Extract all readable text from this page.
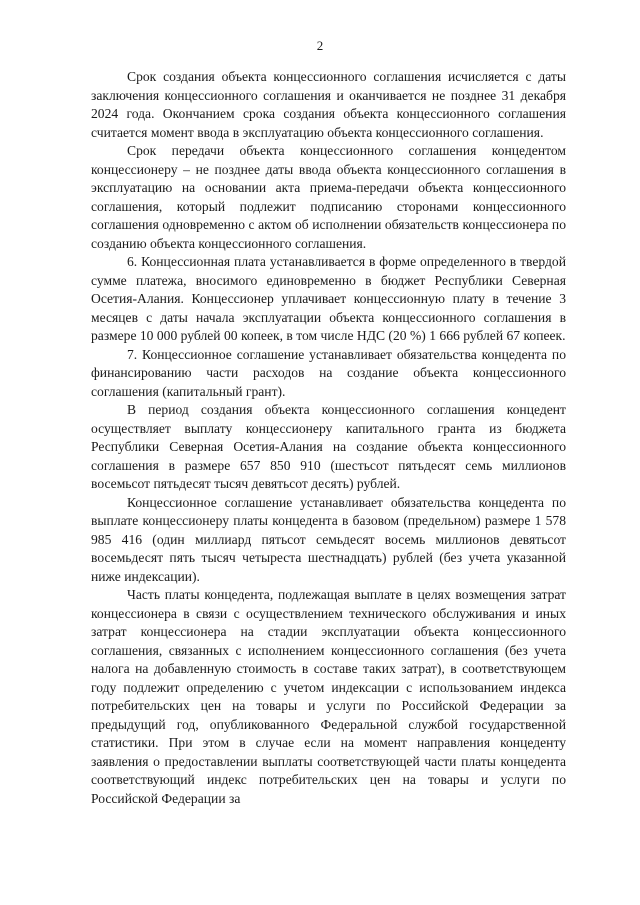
2

Срок создания объекта концессионного соглашения исчисляется с даты заключения концессионного соглашения и оканчивается не позднее 31 декабря 2024 года. Окончанием срока создания объекта концессионного соглашения считается момент ввода в эксплуатацию объекта концессионного соглашения.

Срок передачи объекта концессионного соглашения концедентом концессионеру – не позднее даты ввода объекта концессионного соглашения в эксплуатацию на основании акта приема-передачи объекта концессионного соглашения, который подлежит подписанию сторонами концессионного соглашения одновременно с актом об исполнении обязательств концессионера по созданию объекта концессионного соглашения.

6. Концессионная плата устанавливается в форме определенного в твердой сумме платежа, вносимого единовременно в бюджет Республики Северная Осетия-Алания. Концессионер уплачивает концессионную плату в течение 3 месяцев с даты начала эксплуатации объекта концессионного соглашения в размере 10 000 рублей 00 копеек, в том числе НДС (20 %) 1 666 рублей 67 копеек.

7. Концессионное соглашение устанавливает обязательства концедента по финансированию части расходов на создание объекта концессионного соглашения (капитальный грант).

В период создания объекта концессионного соглашения концедент осуществляет выплату концессионеру капитального гранта из бюджета Республики Северная Осетия-Алания на создание объекта концессионного соглашения в размере 657 850 910 (шестьсот пятьдесят семь миллионов восемьсот пятьдесят тысяч девятьсот десять) рублей.

Концессионное соглашение устанавливает обязательства концедента по выплате концессионеру платы концедента в базовом (предельном) размере 1 578 985 416 (один миллиард пятьсот семьдесят восемь миллионов девятьсот восемьдесят пять тысяч четыреста шестнадцать) рублей (без учета указанной ниже индексации).

Часть платы концедента, подлежащая выплате в целях возмещения затрат концессионера в связи с осуществлением технического обслуживания и иных затрат концессионера на стадии эксплуатации объекта концессионного соглашения, связанных с исполнением концессионного соглашения (без учета налога на добавленную стоимость в составе таких затрат), в соответствующем году подлежит определению с учетом индексации с использованием индекса потребительских цен на товары и услуги по Российской Федерации за предыдущий год, опубликованного Федеральной службой государственной статистики. При этом в случае если на момент направления концеденту заявления о предоставлении выплаты соответствующей части платы концедента соответствующий индекс потребительских цен на товары и услуги по Российской Федерации за
